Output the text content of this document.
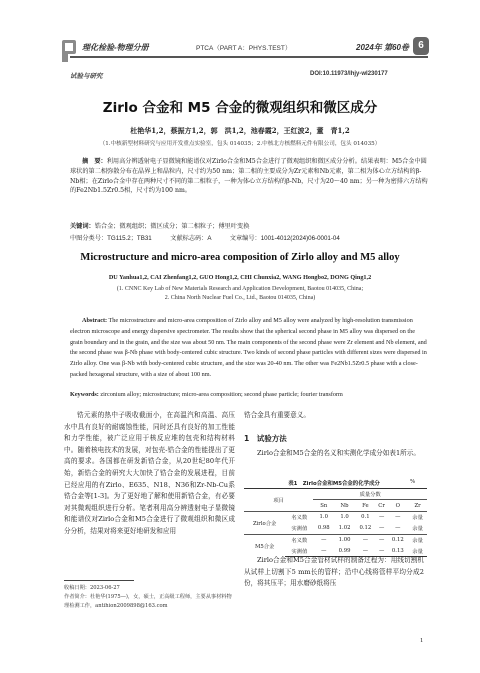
理化检验-物理分册	PTCA（PART A：PHYS.TEST）	2024年 第60卷 6
试验与研究	DOI:10.11973/lhjy-wl230177
Zirlo 合金和 M5 合金的微观组织和微区成分
杜艳华1,2，蔡振方1,2，郭　洪1,2，池春霞2，王红波2，董　青1,2
（1.中核新型材料研究与应用开发重点实验室，包头 014035；2.中核北方核燃料元件有限公司，包头 014035）
摘　要：利用高分辨透射电子显微镜和能谱仪对Zirlo合金和M5合金进行了微观组织和微区成分分析。结果表明：M5合金中圆球状的第二相弥散分布在晶界上和晶粒内，尺寸约为50 nm；第二相的主要成分为Zr元素和Nb元素，第二相为体心立方结构的β-Nb相；在Zirlo合金中存在两种尺寸不同的第二相粒子，一种为体心立方结构的β-Nb，尺寸为20～40 nm；另一种为密排六方结构的Fe2Nb1.5Zr0.5相，尺寸约为100 nm。
关键词：锆合金；微观组织；微区成分；第二相粒子；傅里叶变换
中图分类号：TG115.2；TB31　　　文献标志码：A　　　文章编号：1001-4012(2024)06-0001-04
Microstructure and micro-area composition of Zirlo alloy and M5 alloy
DU Yanhua1,2, CAI Zhenfang1,2, GUO Hong1,2, CHI Chunxia2, WANG Hongbo2, DONG Qing1,2
(1. CNNC Key Lab of New Materials Research and Application Development, Baotou 014035, China;
2. China North Nuclear Fuel Co., Ltd., Baotou 014035, China)
Abstract: The microstructure and micro-area composition of Zirlo alloy and M5 alloy were analyzed by high-resolution transmission electron microscope and energy dispersive spectrometer. The results show that the spherical second phase in M5 alloy was dispersed on the grain boundary and in the grain, and the size was about 50 nm. The main components of the second phase were Zr element and Nb element, and the second phase was β-Nb phase with body-centered cubic structure. Two kinds of second phase particles with different sizes were dispersed in Zirlo alloy. One was β-Nb with body-centered cubic structure, and the size was 20-40 nm. The other was Fe2Nb1.5Zr0.5 phase with a close-packed hexagonal structure, with a size of about 100 nm.
Keywords: zirconium alloy; microstructure; micro-area composition; second phase particle; fourier transform
锆元素的热中子吸收截面小，在高温汽和高温、高压水中具有良好的耐腐蚀性能，同时还具有良好的加工性能和力学性能，被广泛应用于核反应堆的包壳和结构材料中。随着核电技术的发展，对包壳-锆合金的性能提出了更高的要求。各国都在研发新锆合金，从20世纪80年代开始，新锆合金的研究大大加快了锆合金的发展进程，目前已经应用的有Zirlo、E635、N18、N36和Zr-Nb-Cu系锆合金等[1-3]。为了更好地了解和使用新锆合金，有必要对其微观组织进行分析。笔者利用高分辨透射电子显微镜和能谱仪对Zirlo合金和M5合金进行了微观组织和微区成分分析，结果对将来更好地研发和应用
锆合金具有重要意义。
1　试验方法
Zirlo合金和M5合金的名义和实测化学成分如表1所示。
表1　Zirlo合金和M5合金的化学成分	%
项目		质量分数					
		Sn	Nb	Fe	Cr	O	Zr
Zirlo合金	名义数	1.0	1.0	0.1	—	—	余量
	实测值	0.98	1.02	0.12	—	—	余量
M5合金	名义数	—	1.00	—	—	0.12	余量
	实测值	—	0.99	—	—	0.13	余量
Zirlo合金和M5合金管材试样的制备过程为：用线切割机从试样上切割下5 mm长的管样；沿中心线将管样平均分成2份，将其压平；用水磨砂纸将压
收稿日期：2023-06-27
作者简介：杜艳华(1975—)，女，硕士，正高级工程师，主要从事材料物理检测工作，antihion2009898@163.com
1
